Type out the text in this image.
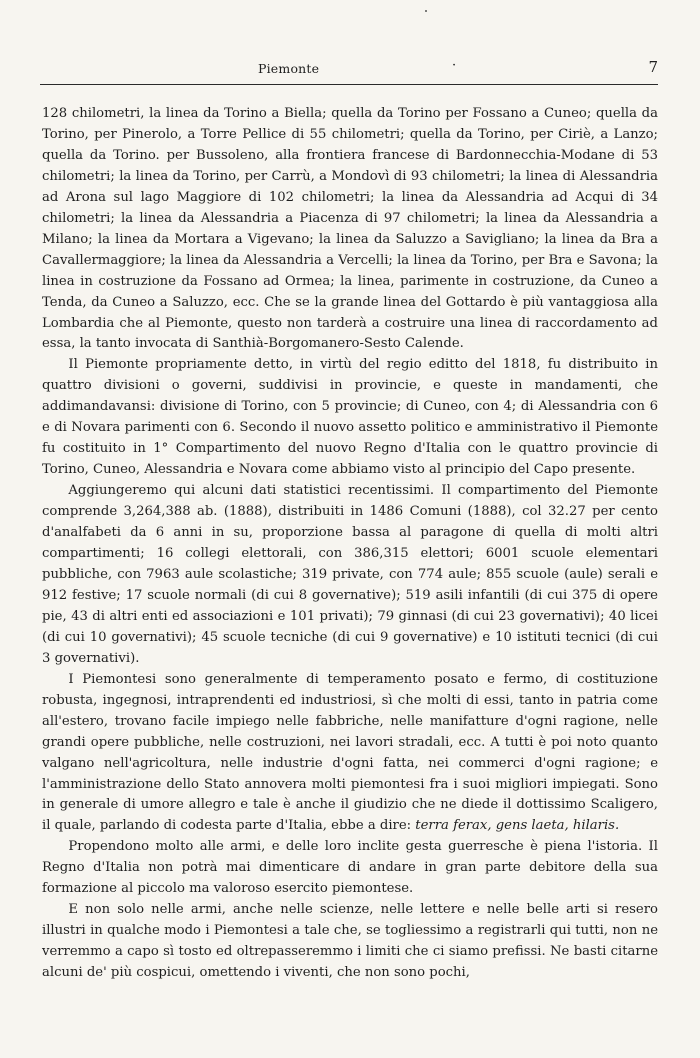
Piemonte	·	7

128 chilometri, la linea da Torino a Biella; quella da Torino per Fossano a Cuneo; quella da Torino, per Pinerolo, a Torre Pellice di 55 chilometri; quella da Torino, per Ciriè, a Lanzo; quella da Torino. per Bussoleno, alla frontiera francese di Bardonnecchia-Modane di 53 chilometri; la linea da Torino, per Carrù, a Mondovì di 93 chilometri; la linea di Alessandria ad Arona sul lago Maggiore di 102 chilometri; la linea da Alessandria ad Acqui di 34 chilometri; la linea da Alessandria a Piacenza di 97 chilometri; la linea da Alessandria a Milano; la linea da Mortara a Vigevano; la linea da Saluzzo a Savigliano; la linea da Bra a Cavallermaggiore; la linea da Alessandria a Vercelli; la linea da Torino, per Bra e Savona; la linea in costruzione da Fossano ad Ormea; la linea, parimente in costruzione, da Cuneo a Tenda, da Cuneo a Saluzzo, ecc. Che se la grande linea del Gottardo è più vantaggiosa alla Lombardia che al Piemonte, questo non tarderà a costruire una linea di raccordamento ad essa, la tanto invocata di Santhià-Borgomanero-Sesto Calende.

Il Piemonte propriamente detto, in virtù del regio editto del 1818, fu distribuito in quattro divisioni o governi, suddivisi in provincie, e queste in mandamenti, che addimandavansi: divisione di Torino, con 5 provincie; di Cuneo, con 4; di Alessandria con 6 e di Novara parimenti con 6. Secondo il nuovo assetto politico e amministrativo il Piemonte fu costituito in 1° Compartimento del nuovo Regno d'Italia con le quattro provincie di Torino, Cuneo, Alessandria e Novara come abbiamo visto al principio del Capo presente.

Aggiungeremo qui alcuni dati statistici recentissimi. Il compartimento del Piemonte comprende 3,264,388 ab. (1888), distribuiti in 1486 Comuni (1888), col 32.27 per cento d'analfabeti da 6 anni in su, proporzione bassa al paragone di quella di molti altri compartimenti; 16 collegi elettorali, con 386,315 elettori; 6001 scuole elementari pubbliche, con 7963 aule scolastiche; 319 private, con 774 aule; 855 scuole (aule) serali e 912 festive; 17 scuole normali (di cui 8 governative); 519 asili infantili (di cui 375 di opere pie, 43 di altri enti ed associazioni e 101 privati); 79 ginnasi (di cui 23 governativi); 40 licei (di cui 10 governativi); 45 scuole tecniche (di cui 9 governative) e 10 istituti tecnici (di cui 3 governativi).

I Piemontesi sono generalmente di temperamento posato e fermo, di costituzione robusta, ingegnosi, intraprendenti ed industriosi, sì che molti di essi, tanto in patria come all'estero, trovano facile impiego nelle fabbriche, nelle manifatture d'ogni ragione, nelle grandi opere pubbliche, nelle costruzioni, nei lavori stradali, ecc. A tutti è poi noto quanto valgano nell'agricoltura, nelle industrie d'ogni fatta, nei commerci d'ogni ragione; e l'amministrazione dello Stato annovera molti piemontesi fra i suoi migliori impiegati. Sono in generale di umore allegro e tale è anche il giudizio che ne diede il dottissimo Scaligero, il quale, parlando di codesta parte d'Italia, ebbe a dire: terra ferax, gens laeta, hilaris.

Propendono molto alle armi, e delle loro inclite gesta guerresche è piena l'istoria. Il Regno d'Italia non potrà mai dimenticare di andare in gran parte debitore della sua formazione al piccolo ma valoroso esercito piemontese.

E non solo nelle armi, anche nelle scienze, nelle lettere e nelle belle arti si resero illustri in qualche modo i Piemontesi a tale che, se togliessimo a registrarli qui tutti, non ne verremmo a capo sì tosto ed oltrepasseremmo i limiti che ci siamo prefissi. Ne basti citarne alcuni de' più cospicui, omettendo i viventi, che non sono pochi,
